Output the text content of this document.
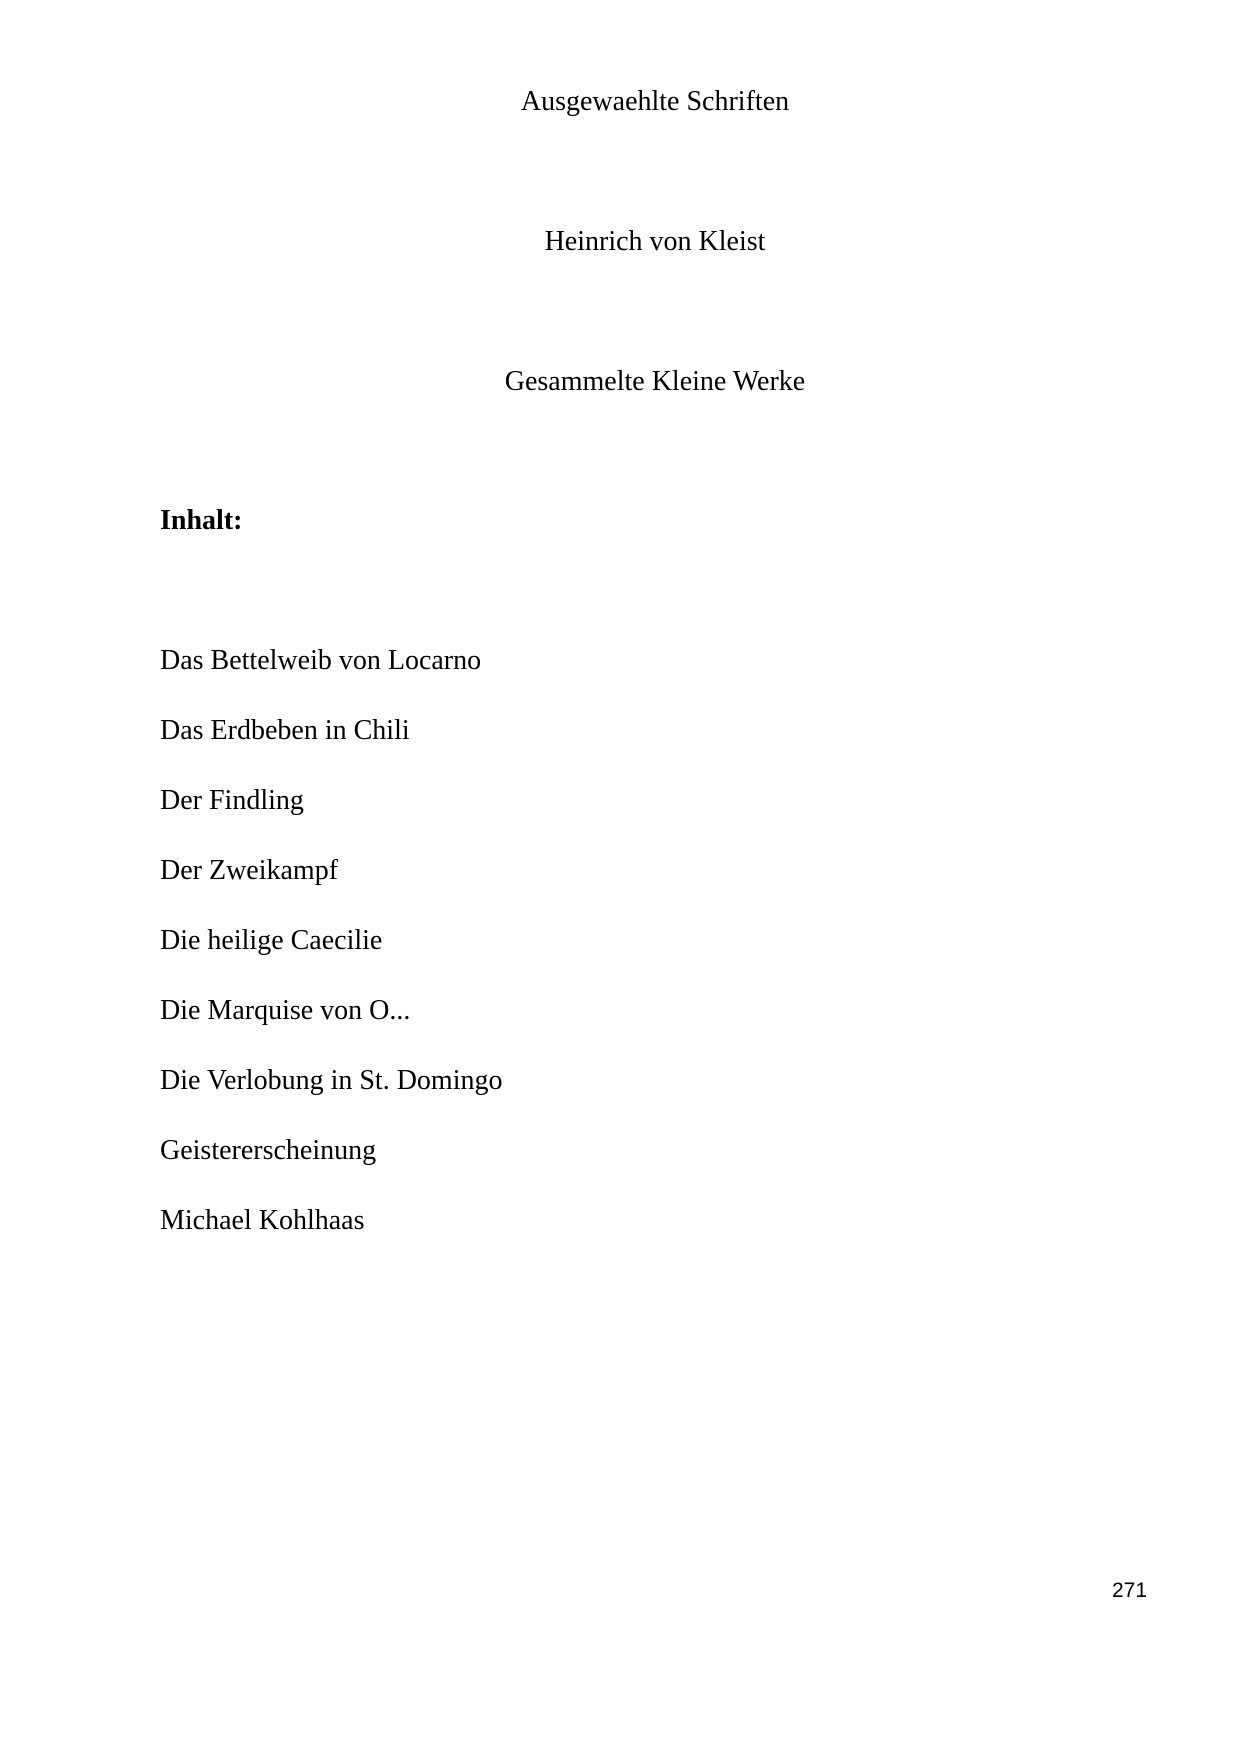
Ausgewaehlte Schriften
Heinrich von Kleist
Gesammelte Kleine Werke
Inhalt:
Das Bettelweib von Locarno
Das Erdbeben in Chili
Der Findling
Der Zweikampf
Die heilige Caecilie
Die Marquise von O...
Die Verlobung in St. Domingo
Geistererscheinung
Michael Kohlhaas
271
